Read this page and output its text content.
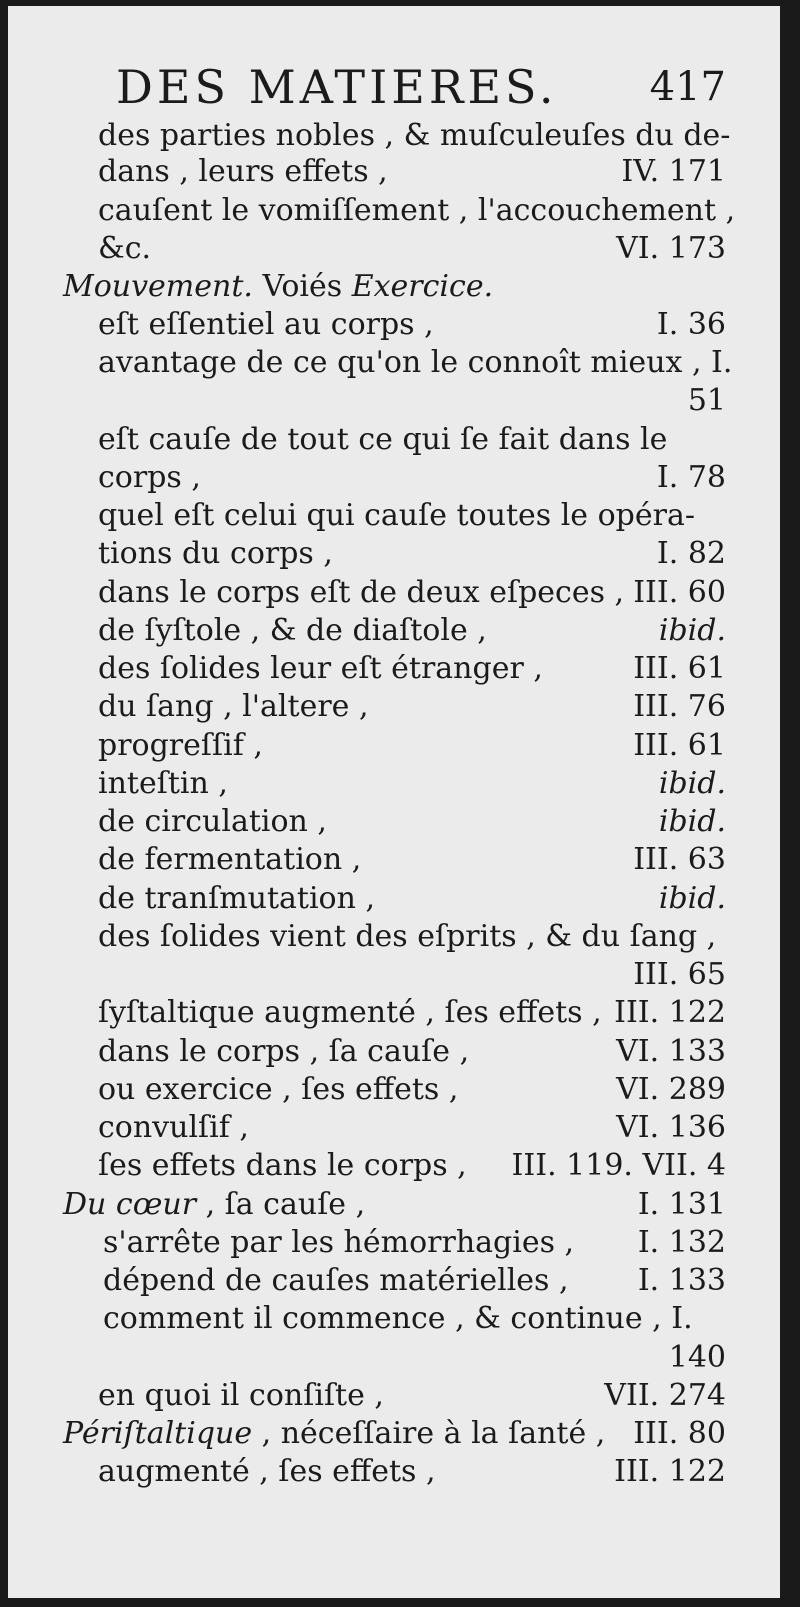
DES MATIERES. 417
des parties nobles , & muſculeuſes du de-
dans , leurs effets ,	IV. 171
cauſent le vomiſſement , l'accouchement ,
&c.	VI. 173
Mouvement. Voiés Exercice.
eſt eſſentiel au corps ,	I. 36
avantage de ce qu'on le connoît mieux , I.
51
eſt cauſe de tout ce qui ſe fait dans le
corps ,	I. 78
quel eſt celui qui cauſe toutes le opéra-
tions du corps ,	I. 82
dans le corps eſt de deux eſpeces , III. 60
de ſyſtole , & de diaſtole ,	ibid.
des ſolides leur eſt étranger ,	III. 61
du ſang , l'altere ,	III. 76
progreſſif ,	III. 61
inteſtin ,	ibid.
de circulation ,	ibid.
de fermentation ,	III. 63
de tranſmutation ,	ibid.
des ſolides vient des eſprits , & du ſang ,
III. 65
ſyſtaltique augmenté , ſes effets , III. 122
dans le corps , ſa cauſe ,	VI. 133
ou exercice , ſes effets ,	VI. 289
convulſif ,	VI. 136
ſes effets dans le corps , III. 119. VII. 4
Du cœur , ſa cauſe ,	I. 131
s'arrête par les hémorrhagies , I. 132
dépend de cauſes matérielles , I. 133
comment il commence , & continue , I.
140
en quoi il conſiſte ,	VII. 274
Périſtaltique , néceſſaire à la ſanté , III. 80
augmenté , ſes effets ,	III. 122
